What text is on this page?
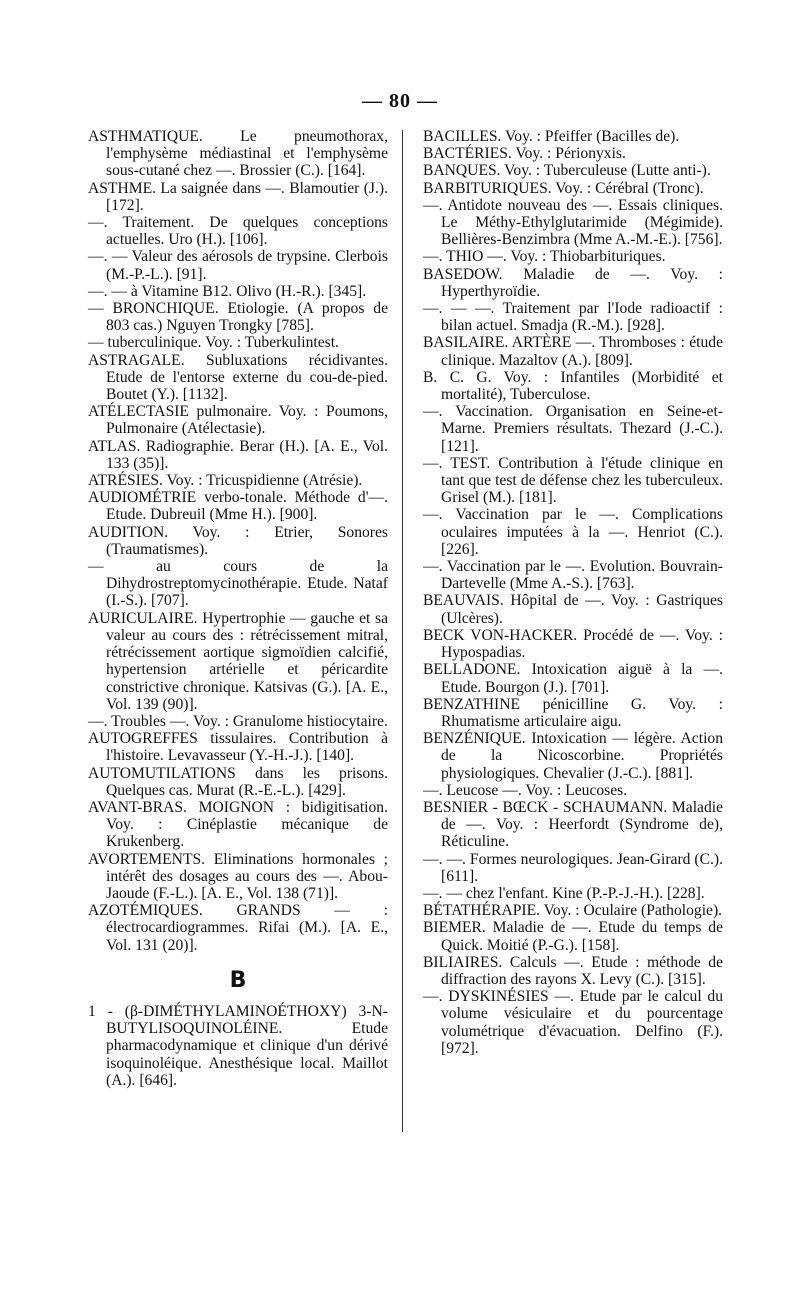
— 80 —

ASTHMATIQUE. Le pneumothorax, l'emphysème médiastinal et l'emphysème sous-cutané chez —. Brossier (C.). [164].

ASTHME. La saignée dans —. Blamoutier (J.). [172].

—. Traitement. De quelques conceptions actuelles. Uro (H.). [106].

—. — Valeur des aérosols de trypsine. Clerbois (M.-P.-L.). [91].

—. — à Vitamine B12. Olivo (H.-R.). [345].

— BRONCHIQUE. Etiologie. (A propos de 803 cas.) Nguyen Trongky [785].

— tuberculinique. Voy. : Tuberkulintest.

ASTRAGALE. Subluxations récidivantes. Etude de l'entorse externe du cou-de-pied. Boutet (Y.). [1132].

ATÉLECTASIE pulmonaire. Voy. : Poumons, Pulmonaire (Atélectasie).

ATLAS. Radiographie. Berar (H.). [A. E., Vol. 133 (35)].

ATRÉSIES. Voy. : Tricuspidienne (Atrésie).

AUDIOMÉTRIE verbo-tonale. Méthode d'—. Etude. Dubreuil (Mme H.). [900].

AUDITION. Voy. : Etrier, Sonores (Traumatismes).

— au cours de la Dihydrostreptomycinothérapie. Etude. Nataf (I.-S.). [707].

AURICULAIRE. Hypertrophie — gauche et sa valeur au cours des : rétrécissement mitral, rétrécissement aortique sigmoïdien calcifié, hypertension artérielle et péricardite constrictive chronique. Katsivas (G.). [A. E., Vol. 139 (90)].

—. Troubles —. Voy. : Granulome histiocytaire.

AUTOGREFFES tissulaires. Contribution à l'histoire. Levavasseur (Y.-H.-J.). [140].

AUTOMUTILATIONS dans les prisons. Quelques cas. Murat (R.-E.-L.). [429].

AVANT-BRAS. MOIGNON : bidigitisation. Voy. : Cinéplastie mécanique de Krukenberg.

AVORTEMENTS. Eliminations hormonales ; intérêt des dosages au cours des —. Abou-Jaoude (F.-L.). [A. E., Vol. 138 (71)].

AZOTÉMIQUES. GRANDS — : électrocardiogrammes. Rifai (M.). [A. E., Vol. 131 (20)].

B

1 - (β-DIMÉTHYLAMINOÉTHOXY) 3-N-BUTYLISOQUINOLÉINE. Etude pharmacodynamique et clinique d'un dérivé isoquinoléique. Anesthésique local. Maillot (A.). [646].

BACILLES. Voy. : Pfeiffer (Bacilles de).

BACTÉRIES. Voy. : Périonyxis.

BANQUES. Voy. : Tuberculeuse (Lutte anti-).

BARBITURIQUES. Voy. : Cérébral (Tronc).

—. Antidote nouveau des —. Essais cliniques. Le Méthy-Ethylglutarimide (Mégimide). Bellières-Benzimbra (Mme A.-M.-E.). [756].

—. THIO —. Voy. : Thiobarbituriques.

BASEDOW. Maladie de —. Voy. : Hyperthyroïdie.

—. — —. Traitement par l'Iode radioactif : bilan actuel. Smadja (R.-M.). [928].

BASILAIRE. ARTÈRE —. Thromboses : étude clinique. Mazaltov (A.). [809].

B. C. G. Voy. : Infantiles (Morbidité et mortalité), Tuberculose.

—. Vaccination. Organisation en Seine-et-Marne. Premiers résultats. Thezard (J.-C.). [121].

—. TEST. Contribution à l'étude clinique en tant que test de défense chez les tuberculeux. Grisel (M.). [181].

—. Vaccination par le —. Complications oculaires imputées à la —. Henriot (C.). [226].

—. Vaccination par le —. Evolution. Bouvrain-Dartevelle (Mme A.-S.). [763].

BEAUVAIS. Hôpital de —. Voy. : Gastriques (Ulcères).

BECK VON-HACKER. Procédé de —. Voy. : Hypospadias.

BELLADONE. Intoxication aiguë à la —. Etude. Bourgon (J.). [701].

BENZATHINE pénicilline G. Voy. : Rhumatisme articulaire aigu.

BENZÉNIQUE. Intoxication — légère. Action de la Nicoscorbine. Propriétés physiologiques. Chevalier (J.-C.). [881].

—. Leucose —. Voy. : Leucoses.

BESNIER - BŒCK - SCHAUMANN. Maladie de —. Voy. : Heerfordt (Syndrome de), Réticuline.

—. —. Formes neurologiques. Jean-Girard (C.). [611].

—. — chez l'enfant. Kine (P.-P.-J.-H.). [228].

BÉTATHÉRAPIE. Voy. : Oculaire (Pathologie).

BIEMER. Maladie de —. Etude du temps de Quick. Moitié (P.-G.). [158].

BILIAIRES. Calculs —. Etude : méthode de diffraction des rayons X. Levy (C.). [315].

—. DYSKINÉSIES —. Etude par le calcul du volume vésiculaire et du pourcentage volumétrique d'évacuation. Delfino (F.). [972].
